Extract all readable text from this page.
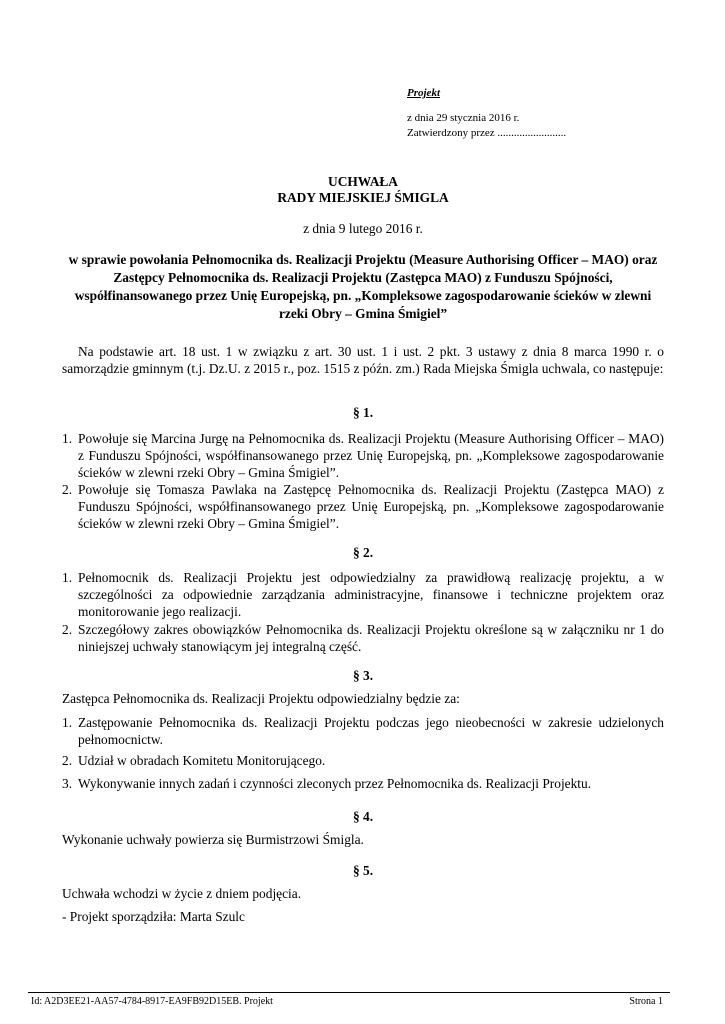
Projekt
z dnia 29 stycznia 2016 r.
Zatwierdzony przez .........................
UCHWAŁA
RADY MIEJSKIEJ ŚMIGLA
z dnia 9 lutego 2016 r.
w sprawie powołania Pełnomocnika ds. Realizacji Projektu (Measure Authorising Officer – MAO) oraz
Zastępcy Pełnomocnika ds. Realizacji Projektu (Zastępca MAO) z Funduszu Spójności,
współfinansowanego przez Unię Europejską, pn. „Kompleksowe zagospodarowanie ścieków w zlewni
rzeki Obry – Gmina Śmigiel”
Na podstawie art. 18 ust. 1 w związku z art. 30 ust. 1 i ust. 2 pkt. 3 ustawy z dnia 8 marca 1990 r. o samorządzie gminnym (t.j. Dz.U. z 2015 r., poz. 1515 z późn. zm.) Rada Miejska Śmigla uchwala, co następuje:
§ 1.
1. Powołuje się Marcina Jurgę na Pełnomocnika ds. Realizacji Projektu (Measure Authorising Officer – MAO) z Funduszu Spójności, współfinansowanego przez Unię Europejską, pn. „Kompleksowe zagospodarowanie ścieków w zlewni rzeki Obry – Gmina Śmigiel”.
2. Powołuje się Tomasza Pawlaka na Zastępcę Pełnomocnika ds. Realizacji Projektu (Zastępca MAO) z Funduszu Spójności, współfinansowanego przez Unię Europejską, pn. „Kompleksowe zagospodarowanie ścieków w zlewni rzeki Obry – Gmina Śmigiel”.
§ 2.
1. Pełnomocnik ds. Realizacji Projektu jest odpowiedzialny za prawidłową realizację projektu, a w szczególności za odpowiednie zarządzania administracyjne, finansowe i techniczne projektem oraz monitorowanie jego realizacji.
2. Szczegółowy zakres obowiązków Pełnomocnika ds. Realizacji Projektu określone są w załączniku nr 1 do niniejszej uchwały stanowiącym jej integralną część.
§ 3.
Zastępca Pełnomocnika ds. Realizacji Projektu odpowiedzialny będzie za:
1. Zastępowanie Pełnomocnika ds. Realizacji Projektu podczas jego nieobecności w zakresie udzielonych pełnomocnictw.
2. Udział w obradach Komitetu Monitorującego.
3. Wykonywanie innych zadań i czynności zleconych przez Pełnomocnika ds. Realizacji Projektu.
§ 4.
Wykonanie uchwały powierza się Burmistrzowi Śmigla.
§ 5.
Uchwała wchodzi w życie z dniem podjęcia.
- Projekt sporządziła: Marta Szulc
Id: A2D3EE21-AA57-4784-8917-EA9FB92D15EB. Projekt	Strona 1
